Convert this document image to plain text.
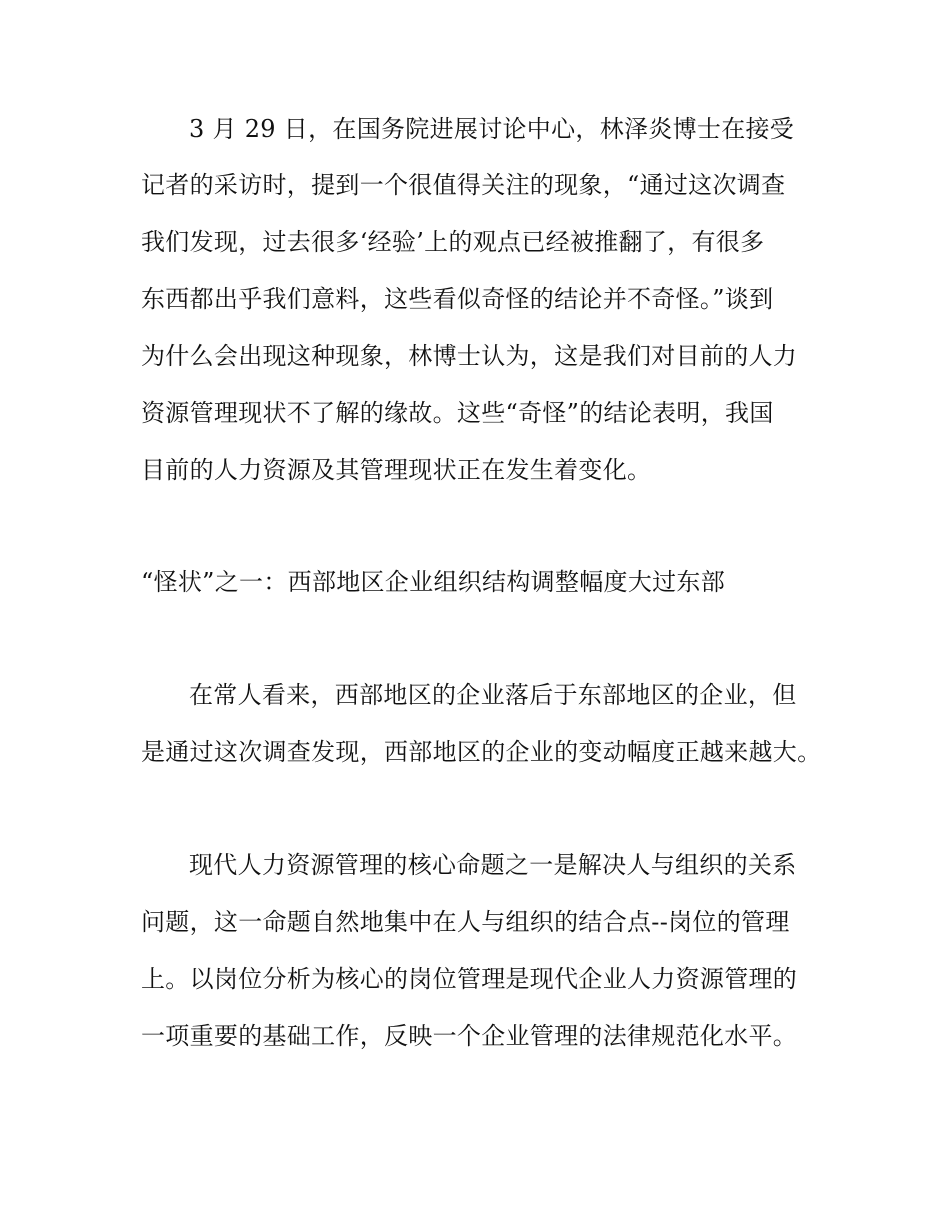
3 月 29 日，在国务院进展讨论中心，林泽炎博士在接受
记者的采访时，提到一个很值得关注的现象，“通过这次调查
我们发现，过去很多‘经验’上的观点已经被推翻了，有很多
东西都出乎我们意料，这些看似奇怪的结论并不奇怪。”谈到
为什么会出现这种现象，林博士认为，这是我们对目前的人力
资源管理现状不了解的缘故。这些“奇怪”的结论表明，我国
目前的人力资源及其管理现状正在发生着变化。
“怪状”之一：西部地区企业组织结构调整幅度大过东部
在常人看来，西部地区的企业落后于东部地区的企业，但
是通过这次调查发现，西部地区的企业的变动幅度正越来越大。
现代人力资源管理的核心命题之一是解决人与组织的关系
问题，这一命题自然地集中在人与组织的结合点--岗位的管理
上。以岗位分析为核心的岗位管理是现代企业人力资源管理的
一项重要的基础工作，反映一个企业管理的法律规范化水平。
